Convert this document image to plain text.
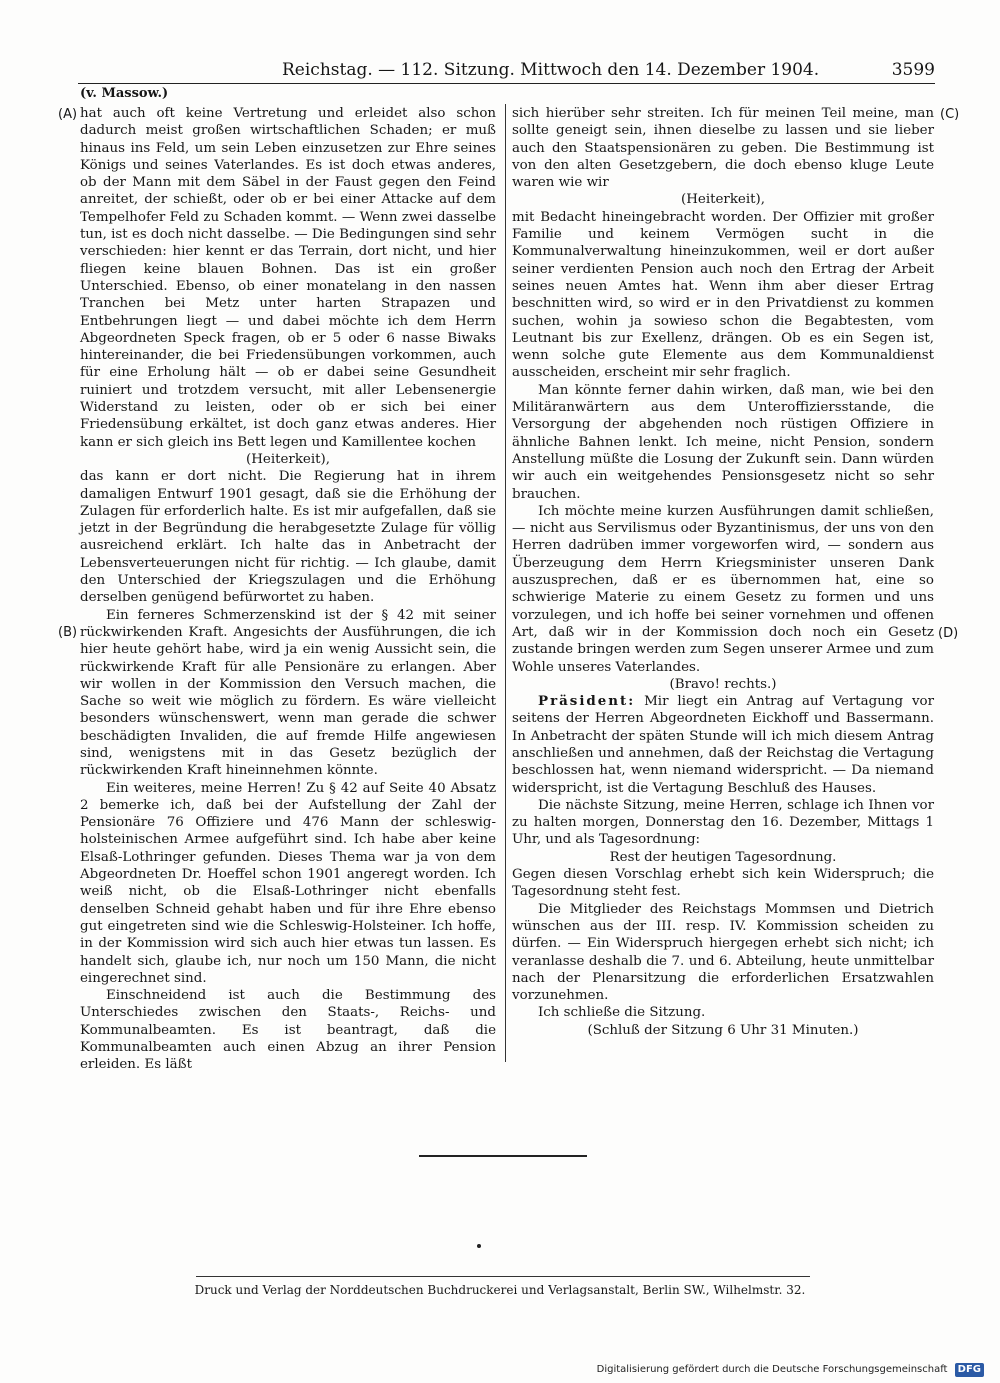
Reichstag. — 112. Sitzung. Mittwoch den 14. Dezember 1904.	3599
(v. Massow.)
(A)
(B)
(C)
(D)

hat auch oft keine Vertretung und erleidet also schon dadurch meist großen wirtschaftlichen Schaden; er muß hinaus ins Feld, um sein Leben einzusetzen zur Ehre seines Königs und seines Vaterlandes. Es ist doch etwas anderes, ob der Mann mit dem Säbel in der Faust gegen den Feind anreitet, der schießt, oder ob er bei einer Attacke auf dem Tempelhofer Feld zu Schaden kommt. — Wenn zwei dasselbe tun, ist es doch nicht dasselbe. — Die Bedingungen sind sehr verschieden: hier kennt er das Terrain, dort nicht, und hier fliegen keine blauen Bohnen. Das ist ein großer Unterschied. Ebenso, ob einer monatelang in den nassen Tranchen bei Metz unter harten Strapazen und Entbehrungen liegt — und dabei möchte ich dem Herrn Abgeordneten Speck fragen, ob er 5 oder 6 nasse Biwaks hintereinander, die bei Friedensübungen vorkommen, auch für eine Erholung hält — ob er dabei seine Gesundheit ruiniert und trotzdem versucht, mit aller Lebensenergie Widerstand zu leisten, oder ob er sich bei einer Friedensübung erkältet, ist doch ganz etwas anderes. Hier kann er sich gleich ins Bett legen und Kamillentee kochen

(Heiterkeit),

das kann er dort nicht. Die Regierung hat in ihrem damaligen Entwurf 1901 gesagt, daß sie die Erhöhung der Zulagen für erforderlich halte. Es ist mir aufgefallen, daß sie jetzt in der Begründung die herabgesetzte Zulage für völlig ausreichend erklärt. Ich halte das in Anbetracht der Lebensverteuerungen nicht für richtig. — Ich glaube, damit den Unterschied der Kriegszulagen und die Erhöhung derselben genügend befürwortet zu haben.

Ein ferneres Schmerzenskind ist der § 42 mit seiner rückwirkenden Kraft. Angesichts der Ausführungen, die ich hier heute gehört habe, wird ja ein wenig Aussicht sein, die rückwirkende Kraft für alle Pensionäre zu erlangen. Aber wir wollen in der Kommission den Versuch machen, die Sache so weit wie möglich zu fördern. Es wäre vielleicht besonders wünschenswert, wenn man gerade die schwer beschädigten Invaliden, die auf fremde Hilfe angewiesen sind, wenigstens mit in das Gesetz bezüglich der rückwirkenden Kraft hineinnehmen könnte.

Ein weiteres, meine Herren! Zu § 42 auf Seite 40 Absatz 2 bemerke ich, daß bei der Aufstellung der Zahl der Pensionäre 76 Offiziere und 476 Mann der schleswig-holsteinischen Armee aufgeführt sind. Ich habe aber keine Elsaß-Lothringer gefunden. Dieses Thema war ja von dem Abgeordneten Dr. Hoeffel schon 1901 angeregt worden. Ich weiß nicht, ob die Elsaß-Lothringer nicht ebenfalls denselben Schneid gehabt haben und für ihre Ehre ebenso gut eingetreten sind wie die Schleswig-Holsteiner. Ich hoffe, in der Kommission wird sich auch hier etwas tun lassen. Es handelt sich, glaube ich, nur noch um 150 Mann, die nicht eingerechnet sind.

Einschneidend ist auch die Bestimmung des Unterschiedes zwischen den Staats-, Reichs- und Kommunalbeamten. Es ist beantragt, daß die Kommunalbeamten auch einen Abzug an ihrer Pension erleiden. Es läßt

sich hierüber sehr streiten. Ich für meinen Teil meine, man sollte geneigt sein, ihnen dieselbe zu lassen und sie lieber auch den Staatspensionären zu geben. Die Bestimmung ist von den alten Gesetzgebern, die doch ebenso kluge Leute waren wie wir

(Heiterkeit),

mit Bedacht hineingebracht worden. Der Offizier mit großer Familie und keinem Vermögen sucht in die Kommunalverwaltung hineinzukommen, weil er dort außer seiner verdienten Pension auch noch den Ertrag der Arbeit seines neuen Amtes hat. Wenn ihm aber dieser Ertrag beschnitten wird, so wird er in den Privatdienst zu kommen suchen, wohin ja sowieso schon die Begabtesten, vom Leutnant bis zur Exellenz, drängen. Ob es ein Segen ist, wenn solche gute Elemente aus dem Kommunaldienst ausscheiden, erscheint mir sehr fraglich.

Man könnte ferner dahin wirken, daß man, wie bei den Militäranwärtern aus dem Unteroffiziersstande, die Versorgung der abgehenden noch rüstigen Offiziere in ähnliche Bahnen lenkt. Ich meine, nicht Pension, sondern Anstellung müßte die Losung der Zukunft sein. Dann würden wir auch ein weitgehendes Pensionsgesetz nicht so sehr brauchen.

Ich möchte meine kurzen Ausführungen damit schließen, — nicht aus Servilismus oder Byzantinismus, der uns von den Herren dadrüben immer vorgeworfen wird, — sondern aus Überzeugung dem Herrn Kriegsminister unseren Dank auszusprechen, daß er es übernommen hat, eine so schwierige Materie zu einem Gesetz zu formen und uns vorzulegen, und ich hoffe bei seiner vornehmen und offenen Art, daß wir in der Kommission doch noch ein Gesetz zustande bringen werden zum Segen unserer Armee und zum Wohle unseres Vaterlandes.

(Bravo! rechts.)

Präsident: Mir liegt ein Antrag auf Vertagung vor seitens der Herren Abgeordneten Eickhoff und Bassermann. In Anbetracht der späten Stunde will ich mich diesem Antrag anschließen und annehmen, daß der Reichstag die Vertagung beschlossen hat, wenn niemand widerspricht. — Da niemand widerspricht, ist die Vertagung Beschluß des Hauses.

Die nächste Sitzung, meine Herren, schlage ich Ihnen vor zu halten morgen, Donnerstag den 16. Dezember, Mittags 1 Uhr, und als Tagesordnung:

Rest der heutigen Tagesordnung.

Gegen diesen Vorschlag erhebt sich kein Widerspruch; die Tagesordnung steht fest.

Die Mitglieder des Reichstags Mommsen und Dietrich wünschen aus der III. resp. IV. Kommission scheiden zu dürfen. — Ein Widerspruch hiergegen erhebt sich nicht; ich veranlasse deshalb die 7. und 6. Abteilung, heute unmittelbar nach der Plenarsitzung die erforderlichen Ersatzwahlen vorzunehmen.

Ich schließe die Sitzung.

(Schluß der Sitzung 6 Uhr 31 Minuten.)

Druck und Verlag der Norddeutschen Buchdruckerei und Verlagsanstalt, Berlin SW., Wilhelmstr. 32.
Digitalisierung gefördert durch die Deutsche Forschungsgemeinschaft DFG
